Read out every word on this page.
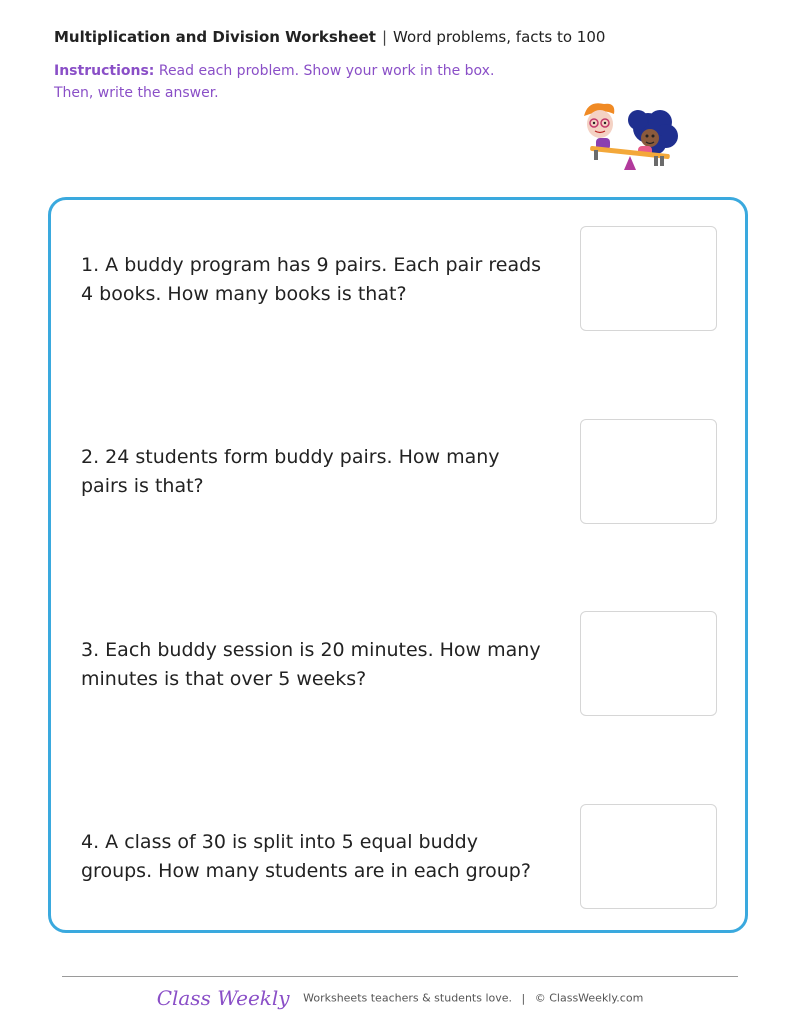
Multiplication and Division Worksheet | Word problems, facts to 100
Instructions: Read each problem. Show your work in the box. Then, write the answer.
1. A buddy program has 9 pairs. Each pair reads 4 books. How many books is that?
2. 24 students form buddy pairs. How many pairs is that?
3. Each buddy session is 20 minutes. How many minutes is that over 5 weeks?
4. A class of 30 is split into 5 equal buddy groups. How many students are in each group?
Class Weekly Worksheets teachers & students love. | © ClassWeekly.com
